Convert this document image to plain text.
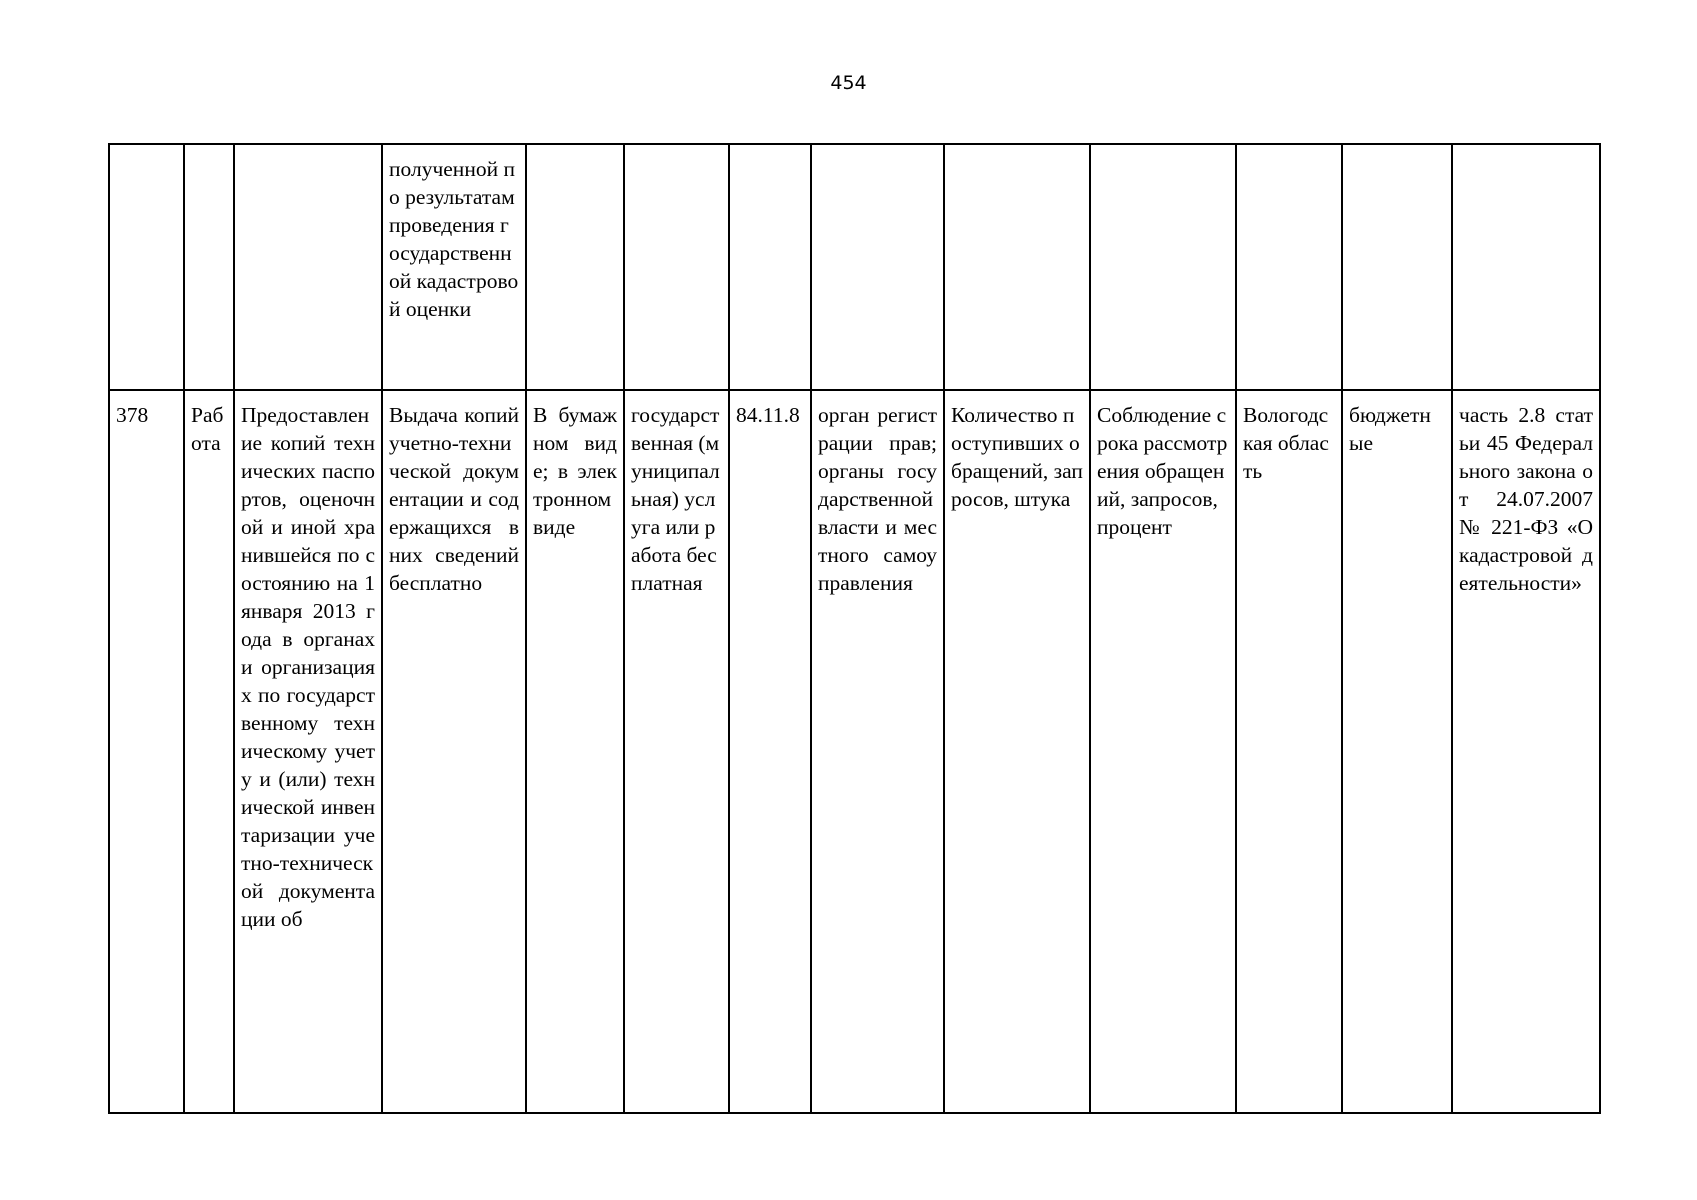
454
			полученной по результатам проведения государственной кадастровой оценки									
378	Работа	Предоставление копий технических паспортов, оценочной и иной хранившейся по состоянию на 1 января 2013 года в органах и организациях по государственному техническому учету и (или) технической инвентаризации учетно-технической документации об	Выдача копий учетно-технической документации и содержащихся в них сведений бесплатно	В бумажном виде; в электронном виде	государственная (муниципальная) услуга или работа бесплатная	84.11.8	орган регистрации прав; органы государственной власти и местного самоуправления	Количество поступивших обращений, запросов, штука	Соблюдение срока рассмотрения обращений, запросов, процент	Вологодская область	бюджетные	часть 2.8 статьи 45 Федерального закона от 24.07.2007 № 221-ФЗ «О кадастровой деятельности»
